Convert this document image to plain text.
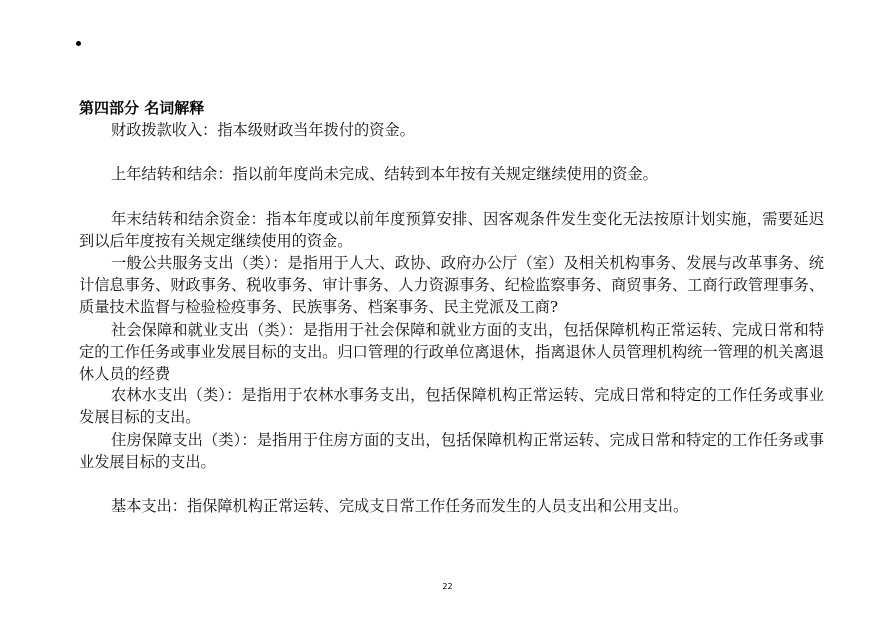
第四部分 名词解释
财政拨款收入：指本级财政当年拨付的资金。
上年结转和结余：指以前年度尚未完成、结转到本年按有关规定继续使用的资金。
年末结转和结余资金：指本年度或以前年度预算安排、因客观条件发生变化无法按原计划实施，需要延迟到以后年度按有关规定继续使用的资金。
一般公共服务支出（类）：是指用于人大、政协、政府办公厅（室）及相关机构事务、发展与改革事务、统计信息事务、财政事务、税收事务、审计事务、人力资源事务、纪检监察事务、商贸事务、工商行政管理事务、质量技术监督与检验检疫事务、民族事务、档案事务、民主党派及工商?
社会保障和就业支出（类）：是指用于社会保障和就业方面的支出，包括保障机构正常运转、完成日常和特定的工作任务或事业发展目标的支出。归口管理的行政单位离退休，指离退休人员管理机构统一管理的机关离退休人员的经费
农林水支出（类）：是指用于农林水事务支出，包括保障机构正常运转、完成日常和特定的工作任务或事业发展目标的支出。
住房保障支出（类）：是指用于住房方面的支出，包括保障机构正常运转、完成日常和特定的工作任务或事业发展目标的支出。
基本支出：指保障机构正常运转、完成支日常工作任务而发生的人员支出和公用支出。
22
